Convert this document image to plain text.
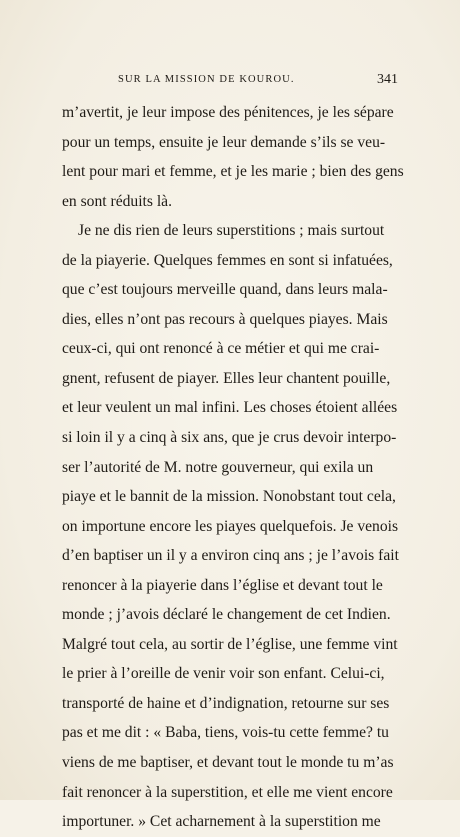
SUR LA MISSION DE KOUROU.	341
m’avertit, je leur impose des pénitences, je les sépare
pour un temps, ensuite je leur demande s’ils se veu-
lent pour mari et femme, et je les marie ; bien des gens
en sont réduits là.
Je ne dis rien de leurs superstitions ; mais surtout
de la piayerie. Quelques femmes en sont si infatuées,
que c’est toujours merveille quand, dans leurs mala-
dies, elles n’ont pas recours à quelques piayes. Mais
ceux-ci, qui ont renoncé à ce métier et qui me crai-
gnent, refusent de piayer. Elles leur chantent pouille,
et leur veulent un mal infini. Les choses étoient allées
si loin il y a cinq à six ans, que je crus devoir interpo-
ser l’autorité de M. notre gouverneur, qui exila un
piaye et le bannit de la mission. Nonobstant tout cela,
on importune encore les piayes quelquefois. Je venois
d’en baptiser un il y a environ cinq ans ; je l’avois fait
renoncer à la piayerie dans l’église et devant tout le
monde ; j’avois déclaré le changement de cet Indien.
Malgré tout cela, au sortir de l’église, une femme vint
le prier à l’oreille de venir voir son enfant. Celui-ci,
transporté de haine et d’indignation, retourne sur ses
pas et me dit : « Baba, tiens, vois-tu cette femme? tu
viens de me baptiser, et devant tout le monde tu m’as
fait renoncer à la superstition, et elle me vient encore
importuner. » Cet acharnement à la superstition me
